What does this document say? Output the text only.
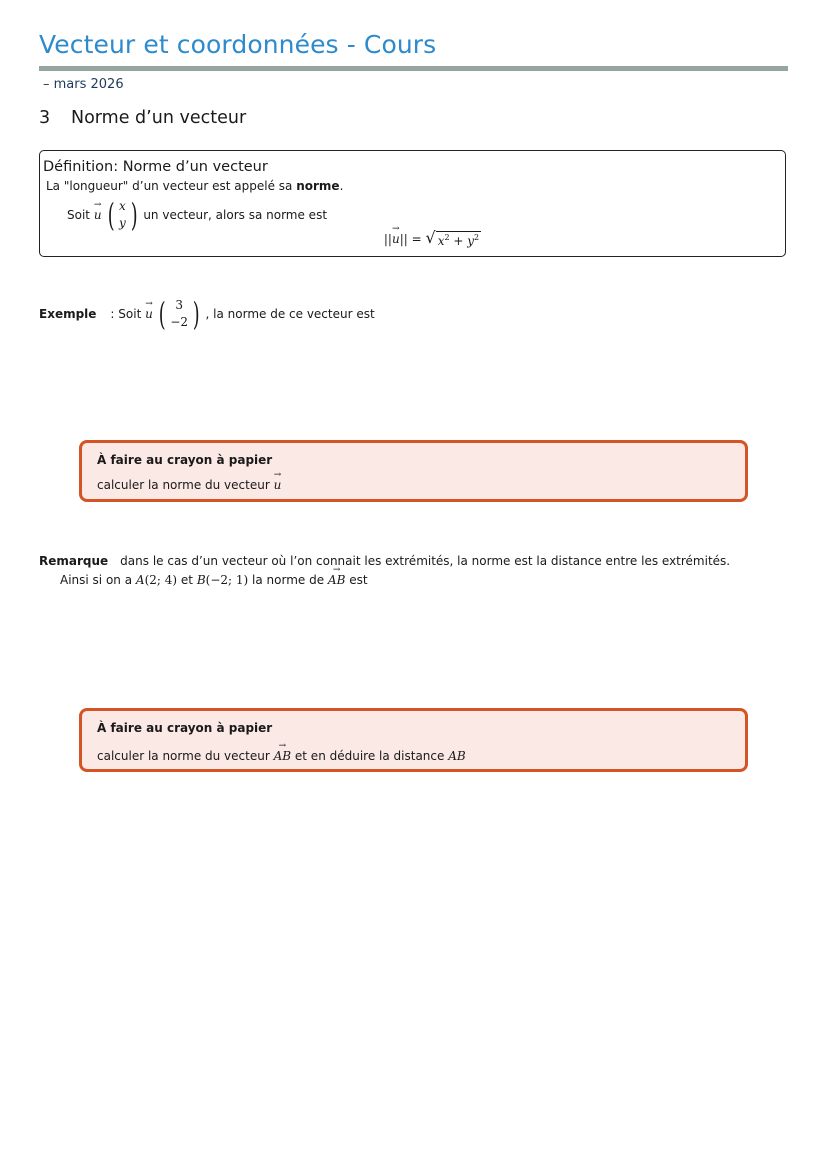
Vecteur et coordonnées - Cours
– mars 2026
3 Norme d’un vecteur
Définition: Norme d’un vecteur
La "longueur" d’un vecteur est appelé sa norme.
Soit
→ u ( x
y ) un vecteur, alors sa norme est
||→ u|| = √ $x^2 + y^2$
Exemple : Soit
→ u ( 3
−2 ) , la norme de ce vecteur est
À faire au crayon à papier
calculer la norme du vecteur → u
Remarque dans le cas d’un vecteur où l’on connait les extrémités, la norme est la distance entre les extrémités.
Ainsi si on a A(2; 4) et B(−2; 1) la norme de → AB est
À faire au crayon à papier
calculer la norme du vecteur → AB et en déduire la distance AB
